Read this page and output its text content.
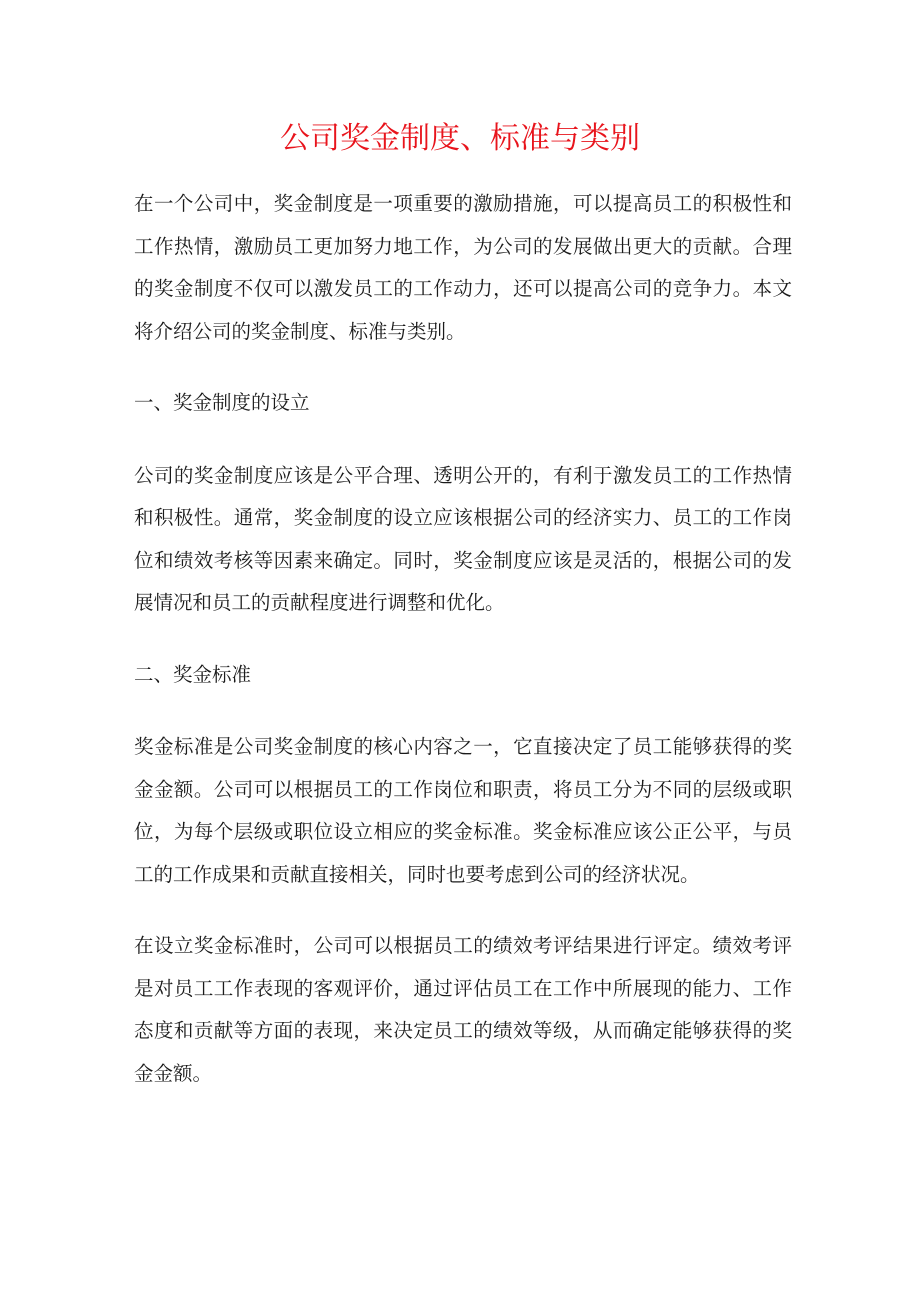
公司奖金制度、标准与类别

在一个公司中，奖金制度是一项重要的激励措施，可以提高员工的积极性和工作热情，激励员工更加努力地工作，为公司的发展做出更大的贡献。合理的奖金制度不仅可以激发员工的工作动力，还可以提高公司的竞争力。本文将介绍公司的奖金制度、标准与类别。

一、奖金制度的设立

公司的奖金制度应该是公平合理、透明公开的，有利于激发员工的工作热情和积极性。通常，奖金制度的设立应该根据公司的经济实力、员工的工作岗位和绩效考核等因素来确定。同时，奖金制度应该是灵活的，根据公司的发展情况和员工的贡献程度进行调整和优化。

二、奖金标准

奖金标准是公司奖金制度的核心内容之一，它直接决定了员工能够获得的奖金金额。公司可以根据员工的工作岗位和职责，将员工分为不同的层级或职位，为每个层级或职位设立相应的奖金标准。奖金标准应该公正公平，与员工的工作成果和贡献直接相关，同时也要考虑到公司的经济状况。

在设立奖金标准时，公司可以根据员工的绩效考评结果进行评定。绩效考评是对员工工作表现的客观评价，通过评估员工在工作中所展现的能力、工作态度和贡献等方面的表现，来决定员工的绩效等级，从而确定能够获得的奖金金额。
